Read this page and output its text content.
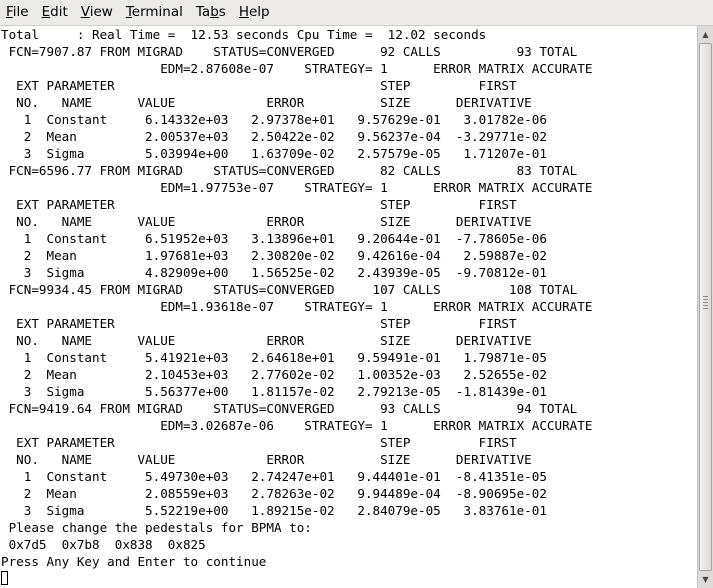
File Edit View Terminal Tabs Help
Total     : Real Time =  12.53 seconds Cpu Time =  12.02 seconds
FCN=7907.87 FROM MIGRAD    STATUS=CONVERGED      92 CALLS          93 TOTAL
EDM=2.87608e-07    STRATEGY= 1      ERROR MATRIX ACCURATE
EXT PARAMETER                                   STEP         FIRST
NO.   NAME      VALUE            ERROR          SIZE      DERIVATIVE
1  Constant     6.14332e+03   2.97378e+01   9.57629e-01   3.01782e-06
2  Mean         2.00537e+03   2.50422e-02   9.56237e-04  -3.29771e-02
3  Sigma        5.03994e+00   1.63709e-02   2.57579e-05   1.71207e-01
FCN=6596.77 FROM MIGRAD    STATUS=CONVERGED      82 CALLS          83 TOTAL
EDM=1.97753e-07    STRATEGY= 1      ERROR MATRIX ACCURATE
EXT PARAMETER                                   STEP         FIRST
NO.   NAME      VALUE            ERROR          SIZE      DERIVATIVE
1  Constant     6.51952e+03   3.13896e+01   9.20644e-01  -7.78605e-06
2  Mean         1.97681e+03   2.30820e-02   9.42616e-04   2.59887e-02
3  Sigma        4.82909e+00   1.56525e-02   2.43939e-05  -9.70812e-01
FCN=9934.45 FROM MIGRAD    STATUS=CONVERGED     107 CALLS         108 TOTAL
EDM=1.93618e-07    STRATEGY= 1      ERROR MATRIX ACCURATE
EXT PARAMETER                                   STEP         FIRST
NO.   NAME      VALUE            ERROR          SIZE      DERIVATIVE
1  Constant     5.41921e+03   2.64618e+01   9.59491e-01   1.79871e-05
2  Mean         2.10453e+03   2.77602e-02   1.00352e-03   2.52655e-02
3  Sigma        5.56377e+00   1.81157e-02   2.79213e-05  -1.81439e-01
FCN=9419.64 FROM MIGRAD    STATUS=CONVERGED      93 CALLS          94 TOTAL
EDM=3.02687e-06    STRATEGY= 1      ERROR MATRIX ACCURATE
EXT PARAMETER                                   STEP         FIRST
NO.   NAME      VALUE            ERROR          SIZE      DERIVATIVE
1  Constant     5.49730e+03   2.74247e+01   9.44401e-01  -8.41351e-05
2  Mean         2.08559e+03   2.78263e-02   9.94489e-04  -8.90695e-02
3  Sigma        5.52219e+00   1.89215e-02   2.84079e-05   3.83761e-01
Please change the pedestals for BPMA to:
0x7d5  0x7b8  0x838  0x825
Press Any Key and Enter to continue
▲
▼
